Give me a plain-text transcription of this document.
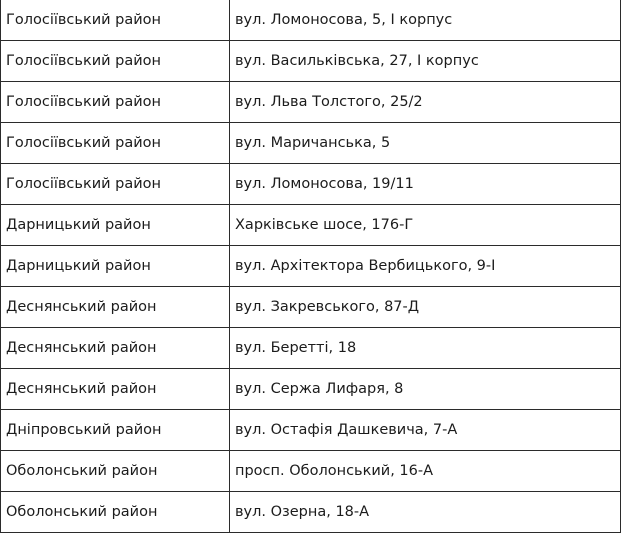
Голосіївський район	вул. Ломоносова, 5, І корпус
Голосіївський район	вул. Васильківська, 27, І корпус
Голосіївський район	вул. Льва Толстого, 25/2
Голосіївський район	вул. Маричанська, 5
Голосіївський район	вул. Ломоносова, 19/11
Дарницький район	Харківське шосе, 176-Г
Дарницький район	вул. Архітектора Вербицького, 9-І
Деснянський район	вул. Закревського, 87-Д
Деснянський район	вул. Беретті, 18
Деснянський район	вул. Сержа Лифаря, 8
Дніпровський район	вул. Остафія Дашкевича, 7-А
Оболонський район	просп. Оболонський, 16-А
Оболонський район	вул. Озерна, 18-А
